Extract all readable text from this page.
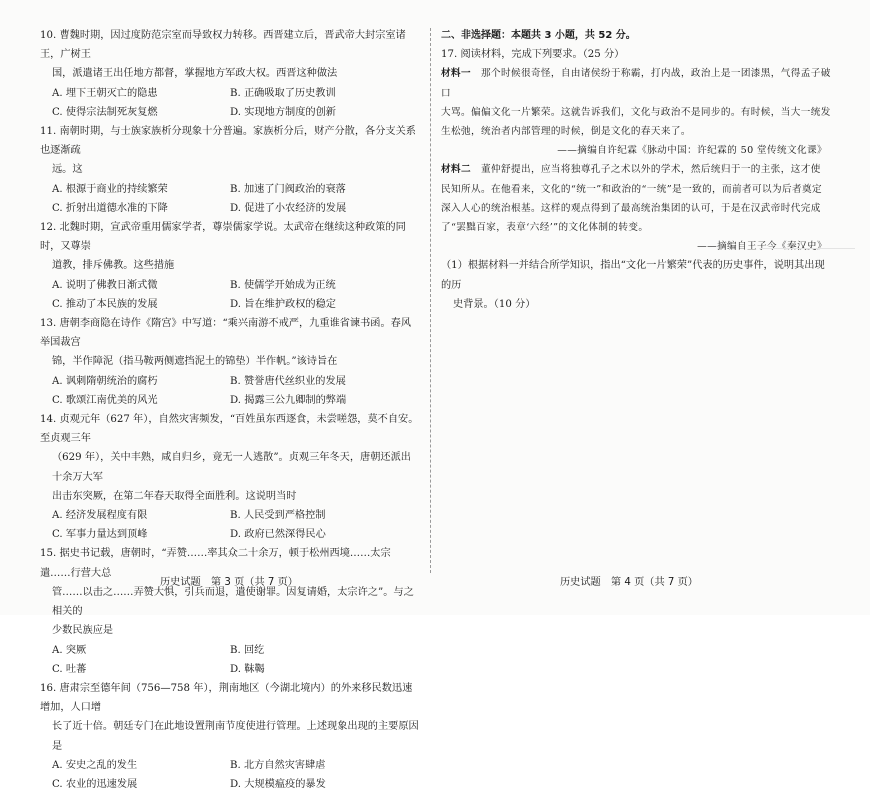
10. 曹魏时期，因过度防范宗室而导致权力转移。西晋建立后，晋武帝大封宗室诸王，广树王

国，派遣诸王出任地方都督，掌握地方军政大权。西晋这种做法

A. 埋下王朝灭亡的隐患	B. 正确吸取了历史教训
C. 使得宗法制死灰复燃	D. 实现地方制度的创新

11. 南朝时期，与士族家族析分现象十分普遍。家族析分后，财产分散，各分支关系也逐渐疏

远。这

A. 根源于商业的持续繁荣	B. 加速了门阀政治的衰落
C. 折射出道德水准的下降	D. 促进了小农经济的发展

12. 北魏时期，宣武帝重用儒家学者，尊崇儒家学说。太武帝在继续这种政策的同时，又尊崇

道教，排斥佛教。这些措施

A. 说明了佛教日渐式微	B. 使儒学开始成为正统
C. 推动了本民族的发展	D. 旨在维护政权的稳定

13. 唐朝李商隐在诗作《隋宫》中写道：“乘兴南游不戒严，九重谁省谏书函。春风举国裁宫

锦，半作障泥（指马鞍两侧遮挡泥土的锦垫）半作帆。”该诗旨在

A. 讽刺隋朝统治的腐朽	B. 赞誉唐代丝织业的发展
C. 歌颂江南优美的风光	D. 揭露三公九卿制的弊端

14. 贞观元年（627 年），自然灾害频发，“百姓虽东西逐食，未尝嗟怨，莫不自安。至贞观三年

（629 年），关中丰熟，咸自归乡，竟无一人逃散”。贞观三年冬天，唐朝还派出十余万大军

出击东突厥，在第二年春天取得全面胜利。这说明当时

A. 经济发展程度有限	B. 人民受到严格控制
C. 军事力量达到顶峰	D. 政府已然深得民心

15. 据史书记载，唐朝时，“弄赞……率其众二十余万，顿于松州西境……太宗遣……行营大总

管……以击之……弄赞大惧，引兵而退，遣使谢罪。因复请婚，太宗许之”。与之相关的

少数民族应是

A. 突厥	B. 回纥
C. 吐蕃	D. 靺鞨

16. 唐肃宗至德年间（756—758 年），荆南地区（今湖北境内）的外来移民数迅速增加，人口增

长了近十倍。朝廷专门在此地设置荆南节度使进行管理。上述现象出现的主要原因是

A. 安史之乱的发生	B. 北方自然灾害肆虐
C. 农业的迅速发展	D. 大规模瘟疫的暴发

二、非选择题：本题共 3 小题，共 52 分。

17. 阅读材料，完成下列要求。（25 分）

材料一　那个时候很奇怪，自由诸侯纷于称霸，打内战，政治上是一团漆黑，气得孟子破口

大骂。偏偏文化一片繁荣。这就告诉我们，文化与政治不是同步的。有时候，当大一统发

生松弛，统治者内部管理的时候，倒是文化的春天来了。

——摘编自许纪霖《脉动中国：许纪霖的 50 堂传统文化课》

材料二　董仲舒提出，应当将独尊孔子之术以外的学术，然后统归于一的主张，这才使

民知所从。在他看来，文化的“统一”和政治的“一统”是一致的，而前者可以为后者奠定

深入人心的统治根基。这样的观点得到了最高统治集团的认可，于是在汉武帝时代完成

了“罢黜百家，表章‘六经’”的文化体制的转变。

——摘编自王子今《秦汉史》

（1）根据材料一并结合所学知识，指出“文化一片繁荣”代表的历史事件，说明其出现的历

史背景。（10 分）

历史试题　第 3 页（共 7 页）	历史试题　第 4 页（共 7 页）
